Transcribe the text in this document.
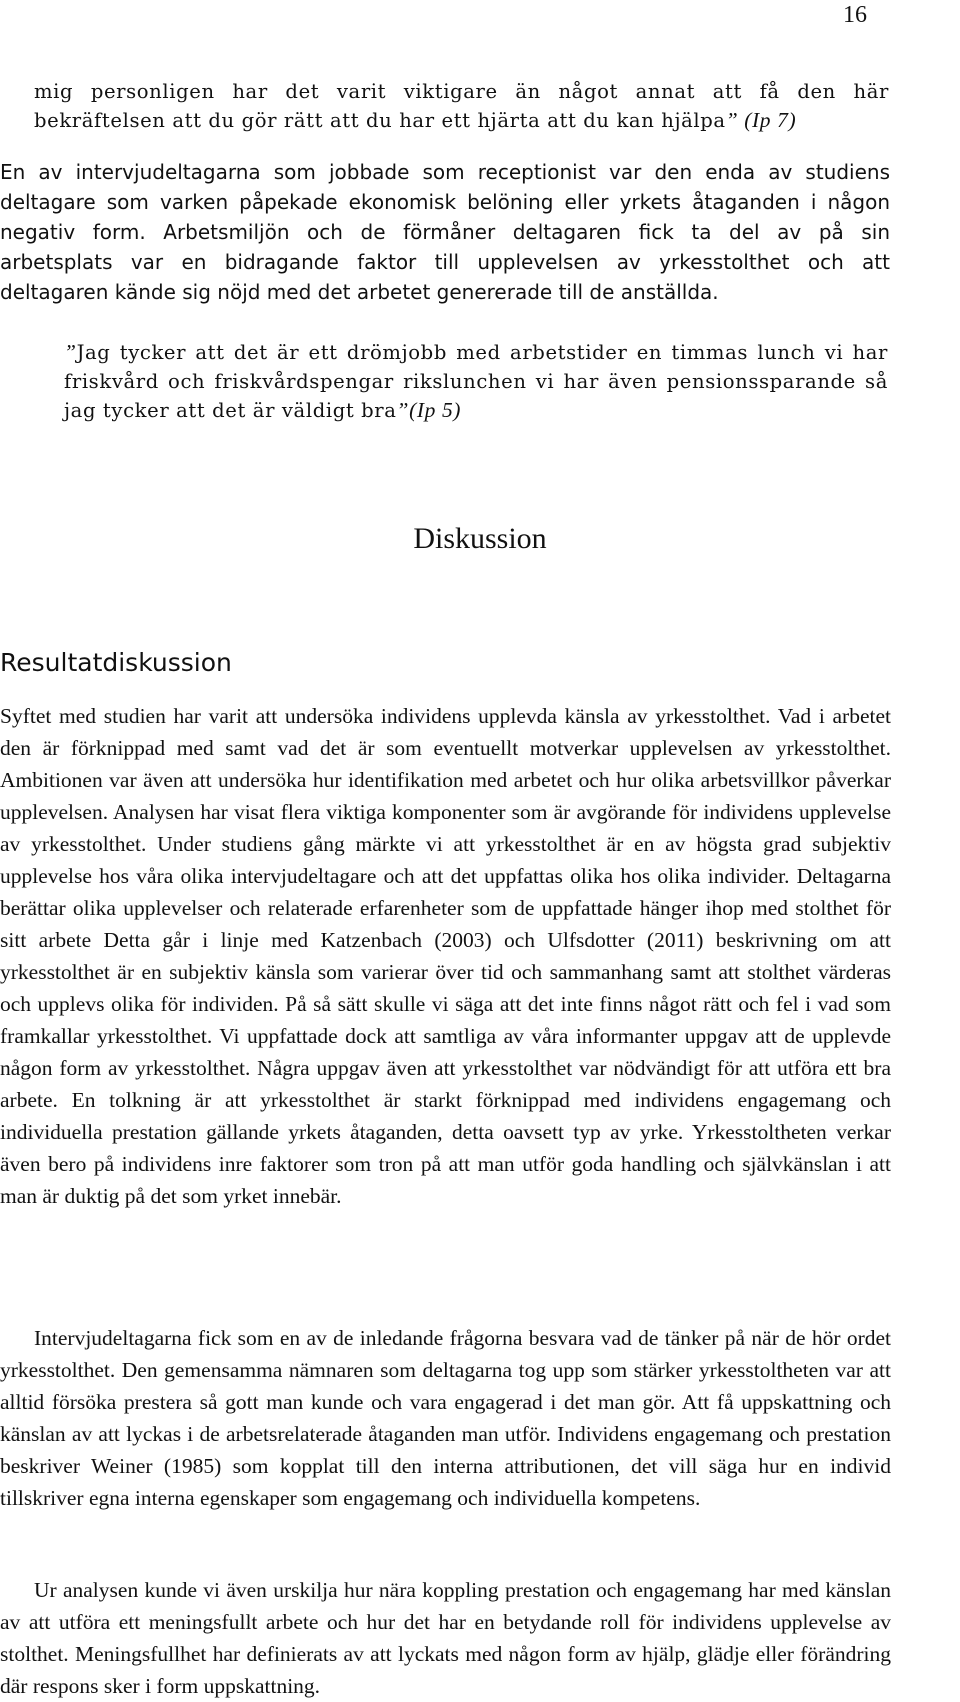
16
mig personligen har det varit viktigare än något annat att få den här bekräftelsen att du gör rätt att du har ett hjärta att du kan hjälpa” (Ip 7)
En av intervjudeltagarna som jobbade som receptionist var den enda av studiens
deltagare som varken påpekade ekonomisk belöning eller yrkets åtaganden i någon
negativ form. Arbetsmiljön och de förmåner deltagaren fick ta del av på sin
arbetsplats var en bidragande faktor till upplevelsen av yrkesstolthet och att
deltagaren kände sig nöjd med det arbetet genererade till de anställda.
”Jag tycker att det är ett drömjobb med arbetstider en timmas lunch vi har friskvård och friskvårdspengar rikslunchen vi har även pensionssparande så jag tycker att det är väldigt bra”(Ip 5)
Diskussion
Resultatdiskussion
Syftet med studien har varit att undersöka individens upplevda känsla av yrkesstolthet. Vad i arbetet den är förknippad med samt vad det är som eventuellt motverkar upplevelsen av yrkesstolthet. Ambitionen var även att undersöka hur identifikation med arbetet och hur olika arbetsvillkor påverkar upplevelsen. Analysen har visat flera viktiga komponenter som är avgörande för individens upplevelse av yrkesstolthet. Under studiens gång märkte vi att yrkesstolthet är en av högsta grad subjektiv upplevelse hos våra olika intervjudeltagare och att det uppfattas olika hos olika individer. Deltagarna berättar olika upplevelser och relaterade erfarenheter som de uppfattade hänger ihop med stolthet för sitt arbete Detta går i linje med Katzenbach (2003) och Ulfsdotter (2011) beskrivning om att yrkesstolthet är en subjektiv känsla som varierar över tid och sammanhang samt att stolthet värderas och upplevs olika för individen. På så sätt skulle vi säga att det inte finns något rätt och fel i vad som framkallar yrkesstolthet. Vi uppfattade dock att samtliga av våra informanter uppgav att de upplevde någon form av yrkesstolthet. Några uppgav även att yrkesstolthet var nödvändigt för att utföra ett bra arbete. En tolkning är att yrkesstolthet är starkt förknippad med individens engagemang och individuella prestation gällande yrkets åtaganden, detta oavsett typ av yrke. Yrkesstoltheten verkar även bero på individens inre faktorer som tron på att man utför goda handling och självkänslan i att man är duktig på det som yrket innebär.
Intervjudeltagarna fick som en av de inledande frågorna besvara vad de tänker på när de hör ordet yrkesstolthet. Den gemensamma nämnaren som deltagarna tog upp som stärker yrkesstoltheten var att alltid försöka prestera så gott man kunde och vara engagerad i det man gör. Att få uppskattning och känslan av att lyckas i de arbetsrelaterade åtaganden man utför. Individens engagemang och prestation beskriver Weiner (1985) som kopplat till den interna attributionen, det vill säga hur en individ tillskriver egna interna egenskaper som engagemang och individuella kompetens.
Ur analysen kunde vi även urskilja hur nära koppling prestation och engagemang har med känslan av att utföra ett meningsfullt arbete och hur det har en betydande roll för individens upplevelse av stolthet. Meningsfullhet har definierats av att lyckats med någon form av hjälp, glädje eller förändring där respons sker i form uppskattning.
